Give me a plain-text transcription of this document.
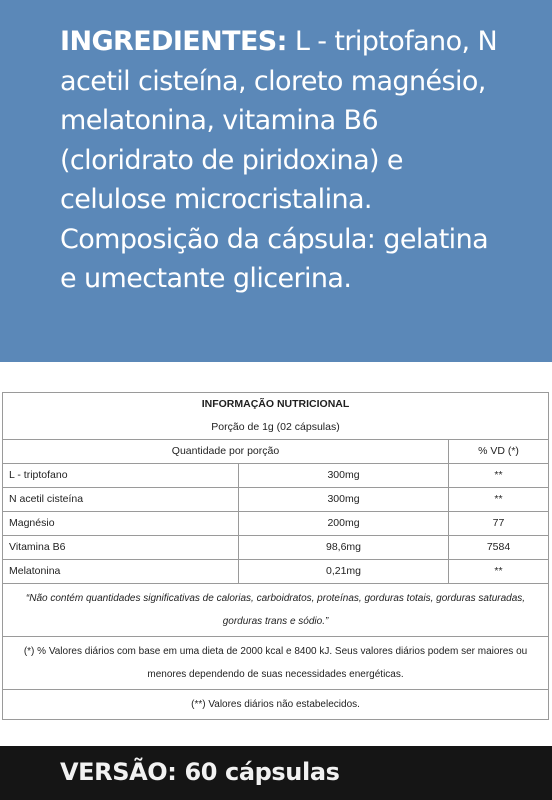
INGREDIENTES: L - triptofano, N acetil cisteína, cloreto magnésio, melatonina, vitamina B6 (cloridrato de piridoxina) e celulose microcristalina. Composição da cápsula: gelatina e umectante glicerina.

INFORMAÇÃO NUTRICIONAL		
Porção de 1g (02 cápsulas)		
Quantidade por porção		% VD (*)
L - triptofano	300mg	**
N acetil cisteína	300mg	**
Magnésio	200mg	77
Vitamina B6	98,6mg	7584
Melatonina	0,21mg	**
“Não contém quantidades significativas de calorias, carboidratos, proteínas, gorduras totais, gorduras saturadas, gorduras trans e sódio.”		
(*) % Valores diários com base em uma dieta de 2000 kcal e 8400 kJ. Seus valores diários podem ser maiores ou menores dependendo de suas necessidades energéticas.		
(**) Valores diários não estabelecidos.		
VERSÃO: 60 cápsulas
